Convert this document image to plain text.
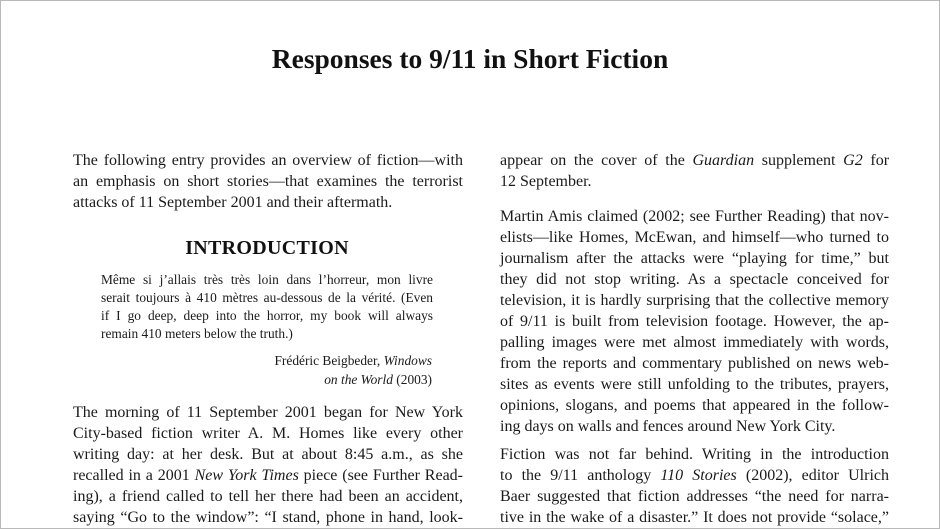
Responses to 9/11 in Short Fiction
The following entry provides an overview of fiction—with
an emphasis on short stories—that examines the terrorist
attacks of 11 September 2001 and their aftermath.
INTRODUCTION
Même si j’allais très très loin dans l’horreur, mon livre
serait toujours à 410 mètres au-dessous de la vérité. (Even
if I go deep, deep into the horror, my book will always
remain 410 meters below the truth.)
Frédéric Beigbeder, Windows
on the World (2003)
The morning of 11 September 2001 began for New York
City-based fiction writer A. M. Homes like every other
writing day: at her desk. But at about 8:45 a.m., as she
recalled in a 2001 New York Times piece (see Further Read-
ing), a friend called to tell her there had been an accident,
saying “Go to the window”: “I stand, phone in hand, look-
appear on the cover of the Guardian supplement G2 for
12 September.
Martin Amis claimed (2002; see Further Reading) that nov-
elists—like Homes, McEwan, and himself—who turned to
journalism after the attacks were “playing for time,” but
they did not stop writing. As a spectacle conceived for
television, it is hardly surprising that the collective memory
of 9/11 is built from television footage. However, the ap-
palling images were met almost immediately with words,
from the reports and commentary published on news web-
sites as events were still unfolding to the tributes, prayers,
opinions, slogans, and poems that appeared in the follow-
ing days on walls and fences around New York City.
Fiction was not far behind. Writing in the introduction
to the 9/11 anthology 110 Stories (2002), editor Ulrich
Baer suggested that fiction addresses “the need for narra-
tive in the wake of a disaster.” It does not provide “solace,”
